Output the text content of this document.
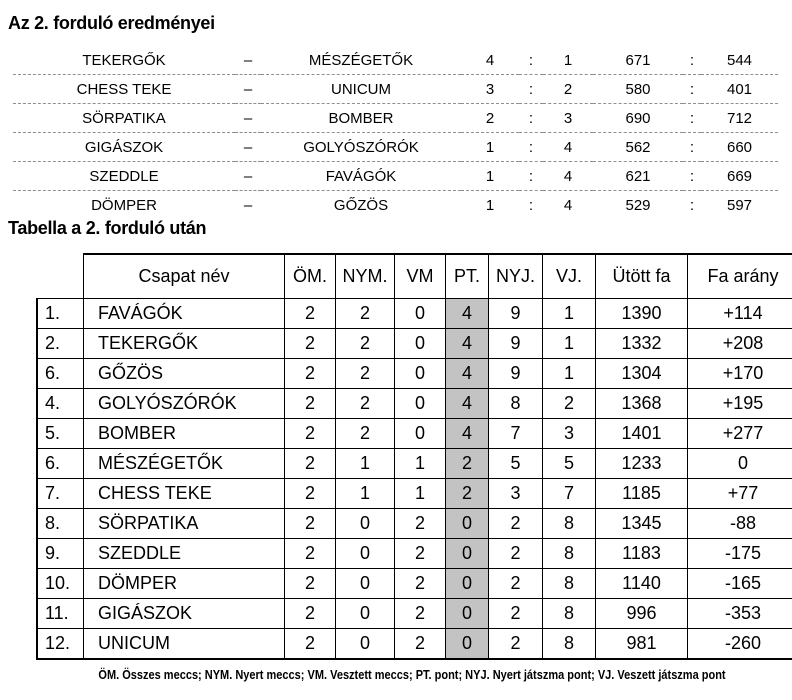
Az 2. forduló eredményei
TEKERGŐK	–	MÉSZÉGETŐK	4	:	1	671	:	544
CHESS TEKE	–	UNICUM	3	:	2	580	:	401
SÖRPATIKA	–	BOMBER	2	:	3	690	:	712
GIGÁSZOK	–	GOLYÓSZÓRÓK	1	:	4	562	:	660
SZEDDLE	–	FAVÁGÓK	1	:	4	621	:	669
DÖMPER	–	GŐZÖS	1	:	4	529	:	597
Tabella a 2. forduló után
	Csapat név	ÖM.	NYM.	VM	PT.	NYJ.	VJ.	Ütött fa	Fa arány
1.	FAVÁGÓK	2	2	0	4	9	1	1390	+114
2.	TEKERGŐK	2	2	0	4	9	1	1332	+208
6.	GŐZÖS	2	2	0	4	9	1	1304	+170
4.	GOLYÓSZÓRÓK	2	2	0	4	8	2	1368	+195
5.	BOMBER	2	2	0	4	7	3	1401	+277
6.	MÉSZÉGETŐK	2	1	1	2	5	5	1233	0
7.	CHESS TEKE	2	1	1	2	3	7	1185	+77
8.	SÖRPATIKA	2	0	2	0	2	8	1345	-88
9.	SZEDDLE	2	0	2	0	2	8	1183	-175
10.	DÖMPER	2	0	2	0	2	8	1140	-165
11.	GIGÁSZOK	2	0	2	0	2	8	996	-353
12.	UNICUM	2	0	2	0	2	8	981	-260
ÖM. Összes meccs; NYM. Nyert meccs; VM. Vesztett meccs; PT. pont; NYJ. Nyert játszma pont; VJ. Veszett játszma pont
